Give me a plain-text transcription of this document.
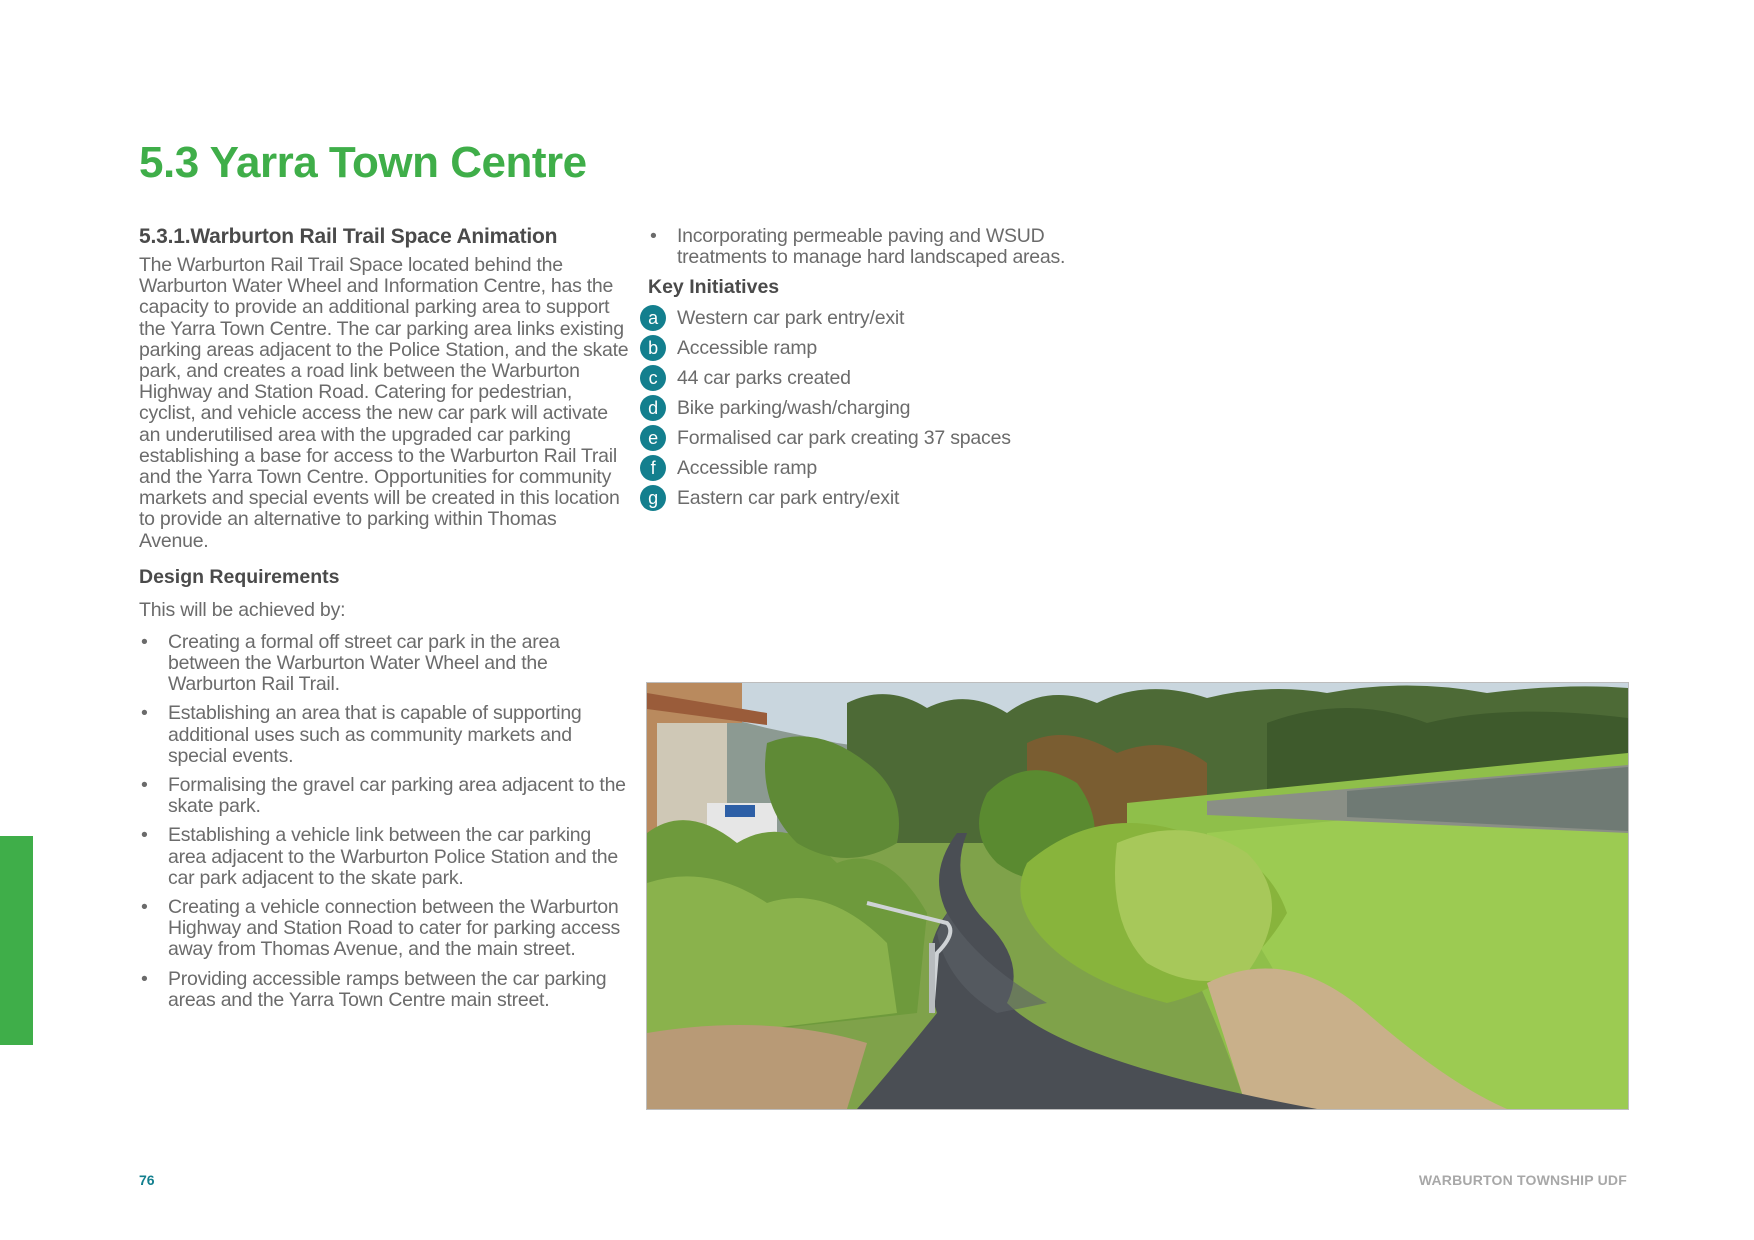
5.3 Yarra Town Centre
5.3.1.Warburton Rail Trail Space Animation

The Warburton Rail Trail Space located behind the Warburton Water Wheel and Information Centre, has the capacity to provide an additional parking area to support the Yarra Town Centre. The car parking area links existing parking areas adjacent to the Police Station, and the skate park, and creates a road link between the Warburton Highway and Station Road. Catering for pedestrian, cyclist, and vehicle access the new car park will activate an underutilised area with the upgraded car parking establishing a base for access to the Warburton Rail Trail and the Yarra Town Centre. Opportunities for community markets and special events will be created in this location to provide an alternative to parking within Thomas Avenue.

Design Requirements
This will be achieved by:
• Creating a formal off street car park in the area between the Warburton Water Wheel and the Warburton Rail Trail.
• Establishing an area that is capable of supporting additional uses such as community markets and special events.
• Formalising the gravel car parking area adjacent to the skate park.
• Establishing a vehicle link between the car parking area adjacent to the Warburton Police Station and the car park adjacent to the skate park.
• Creating a vehicle connection between the Warburton Highway and Station Road to cater for parking access away from Thomas Avenue, and the main street.
• Providing accessible ramps between the car parking areas and the Yarra Town Centre main street.
• Incorporating permeable paving and WSUD treatments to manage hard landscaped areas.
Key Initiatives
a Western car park entry/exit
b Accessible ramp
c	44 car parks created
d Bike parking/wash/charging
e Formalised car park creating 37 spaces
f	Accessible ramp
g Eastern car park entry/exit
76	WARBURTON TOWNSHIP UDF
